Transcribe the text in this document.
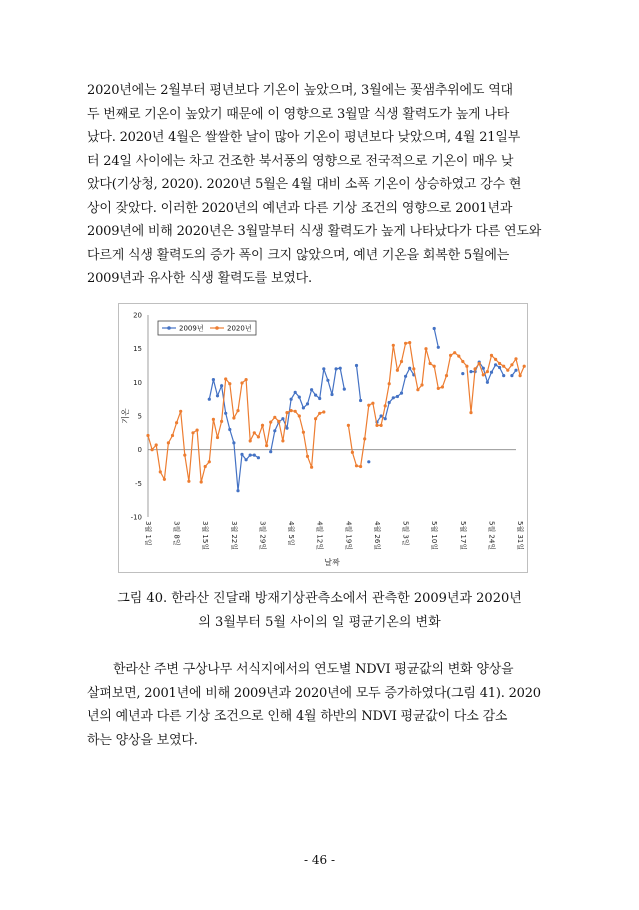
2020년에는 2월부터 평년보다 기온이 높았으며, 3월에는 꽃샘추위에도 역대
두 번째로 기온이 높았기 때문에 이 영향으로 3월말 식생 활력도가 높게 나타
났다. 2020년 4월은 쌀쌀한 날이 많아 기온이 평년보다 낮았으며, 4월 21일부
터 24일 사이에는 차고 건조한 북서풍의 영향으로 전국적으로 기온이 매우 낮
았다(기상청, 2020). 2020년 5월은 4월 대비 소폭 기온이 상승하였고 강수 현
상이 잦았다. 이러한 2020년의 예년과 다른 기상 조건의 영향으로 2001년과
2009년에 비해 2020년은 3월말부터 식생 활력도가 높게 나타났다가 다른 연도와
다르게 식생 활력도의 증가 폭이 크지 않았으며, 예년 기온을 회복한 5월에는
2009년과 유사한 식생 활력도를 보였다.

-10
-5
0
5
10
15
20
3월 1일	3월 8일	3월 15일	3월 22일	3월 29일	4월 5일	4월 12일	4월 19일	4월 26일	5월 3일	5월 10일	5월 17일	5월 24일	5월 31일
날짜
기온
2009년	2020년
그림 40. 한라산 진달래 방재기상관측소에서 관측한 2009년과 2020년
의 3월부터 5월 사이의 일 평균기온의 변화

한라산 주변 구상나무 서식지에서의 연도별 NDVI 평균값의 변화 양상을
살펴보면, 2001년에 비해 2009년과 2020년에 모두 증가하였다(그림 41). 2020
년의 예년과 다른 기상 조건으로 인해 4월 하반의 NDVI 평균값이 다소 감소
하는 양상을 보였다.

- 46 -
